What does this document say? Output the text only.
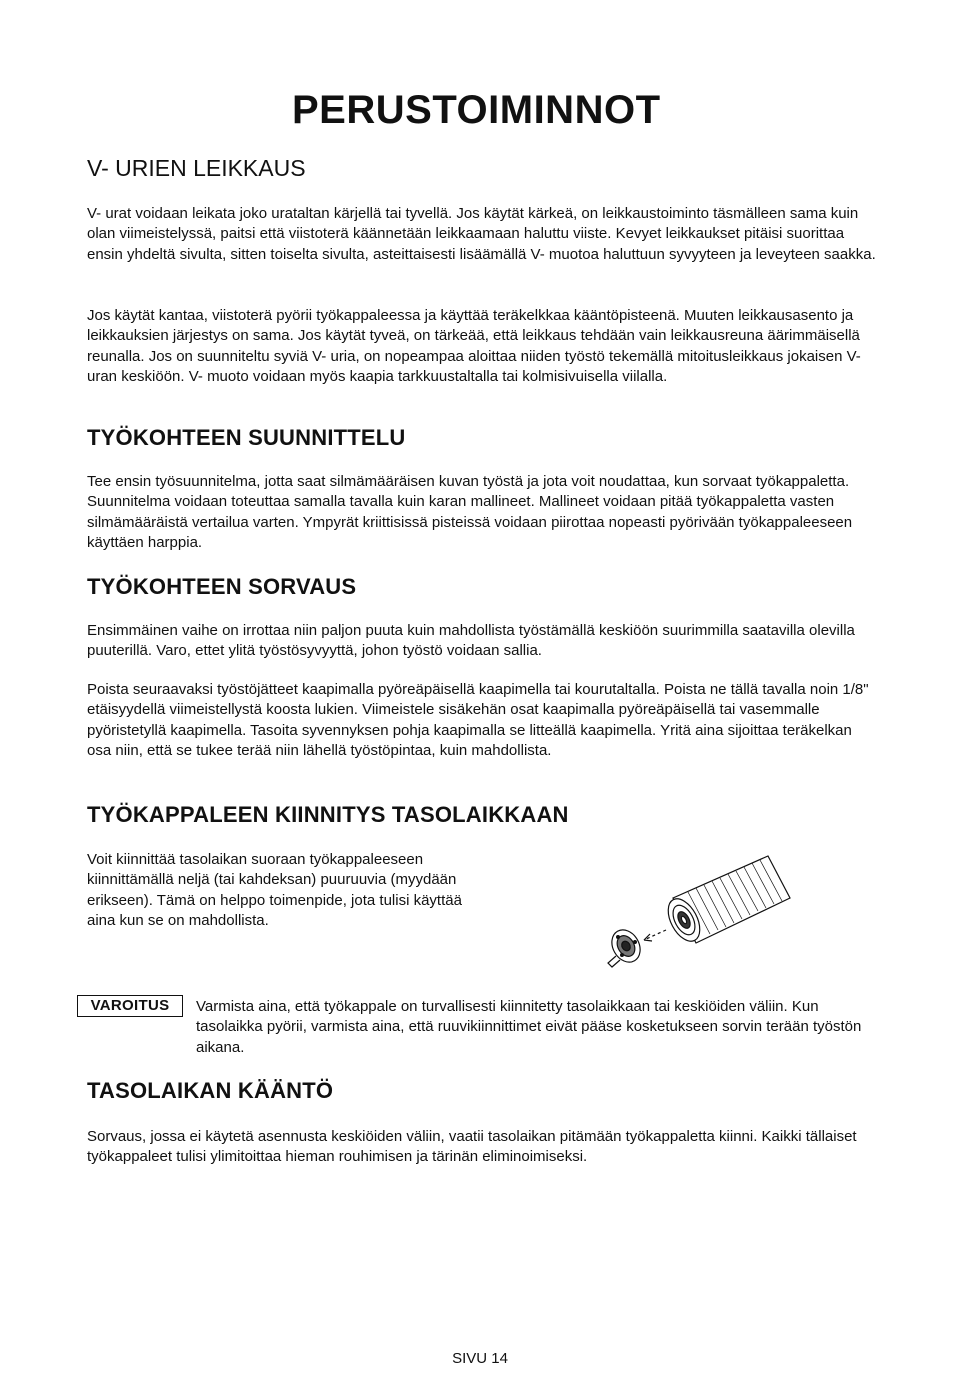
PERUSTOIMINNOT
V- URIEN LEIKKAUS

V- urat voidaan leikata joko urataltan kärjellä tai tyvellä. Jos käytät kärkeä, on leikkaustoiminto täsmälleen sama kuin olan viimeistelyssä, paitsi että viistoterä käännetään leikkaamaan haluttu viiste. Kevyet leikkaukset pitäisi suorittaa ensin yhdeltä sivulta, sitten toiselta sivulta, asteittaisesti lisäämällä V- muotoa haluttuun syvyyteen ja leveyteen saakka.

Jos käytät kantaa, viistoterä pyörii työkappaleessa ja käyttää teräkelkkaa kääntöpisteenä. Muuten leikkausasento ja leikkauksien järjestys on sama. Jos käytät tyveä, on tärkeää, että leikkaus tehdään vain leikkausreuna äärimmäisellä reunalla. Jos on suunniteltu syviä V- uria, on nopeampaa aloittaa niiden työstö tekemällä mitoitusleikkaus jokaisen V- uran keskiöön. V- muoto voidaan myös kaapia tarkkuustaltalla tai kolmisivuisella viilalla.

TYÖKOHTEEN SUUNNITTELU

Tee ensin työsuunnitelma, jotta saat silmämääräisen kuvan työstä ja jota voit noudattaa, kun sorvaat työkappaletta. Suunnitelma voidaan toteuttaa samalla tavalla kuin karan mallineet. Mallineet voidaan pitää työkappaletta vasten silmämääräistä vertailua varten. Ympyrät kriittisissä pisteissä voidaan piirottaa nopeasti pyörivään työkappaleeseen käyttäen harppia.

TYÖKOHTEEN SORVAUS

Ensimmäinen vaihe on irrottaa niin paljon puuta kuin mahdollista työstämällä keskiöön suurimmilla saatavilla olevilla puuterillä. Varo, ettet ylitä työstösyvyyttä, johon työstö voidaan sallia.

Poista seuraavaksi työstöjätteet kaapimalla pyöreäpäisellä kaapimella tai kourutaltalla. Poista ne tällä tavalla noin 1/8" etäisyydellä viimeistellystä koosta lukien. Viimeistele sisäkehän osat kaapimalla pyöreäpäisellä tai vasemmalle pyöristetyllä kaapimella. Tasoita syvennyksen pohja kaapimalla se litteällä kaapimella. Yritä aina sijoittaa teräkelkan osa niin, että se tukee terää niin lähellä työstöpintaa, kuin mahdollista.

TYÖKAPPALEEN KIINNITYS TASOLAIKKAAN

Voit kiinnittää tasolaikan suoraan työkappaleeseen kiinnittämällä neljä (tai kahdeksan) puuruuvia (myydään erikseen). Tämä on helppo toimenpide, jota tulisi käyttää aina kun se on mahdollista.

VAROITUS	Varmista aina, että työkappale on turvallisesti kiinnitetty tasolaikkaan tai keskiöiden väliin. Kun tasolaikka pyörii, varmista aina, että ruuvikiinnittimet eivät pääse kosketukseen sorvin terään työstön aikana.

TASOLAIKAN KÄÄNTÖ

Sorvaus, jossa ei käytetä asennusta keskiöiden väliin, vaatii tasolaikan pitämään työkappaletta kiinni. Kaikki tällaiset työkappaleet tulisi ylimitoittaa hieman rouhimisen ja tärinän eliminoimiseksi.

SIVU 14
